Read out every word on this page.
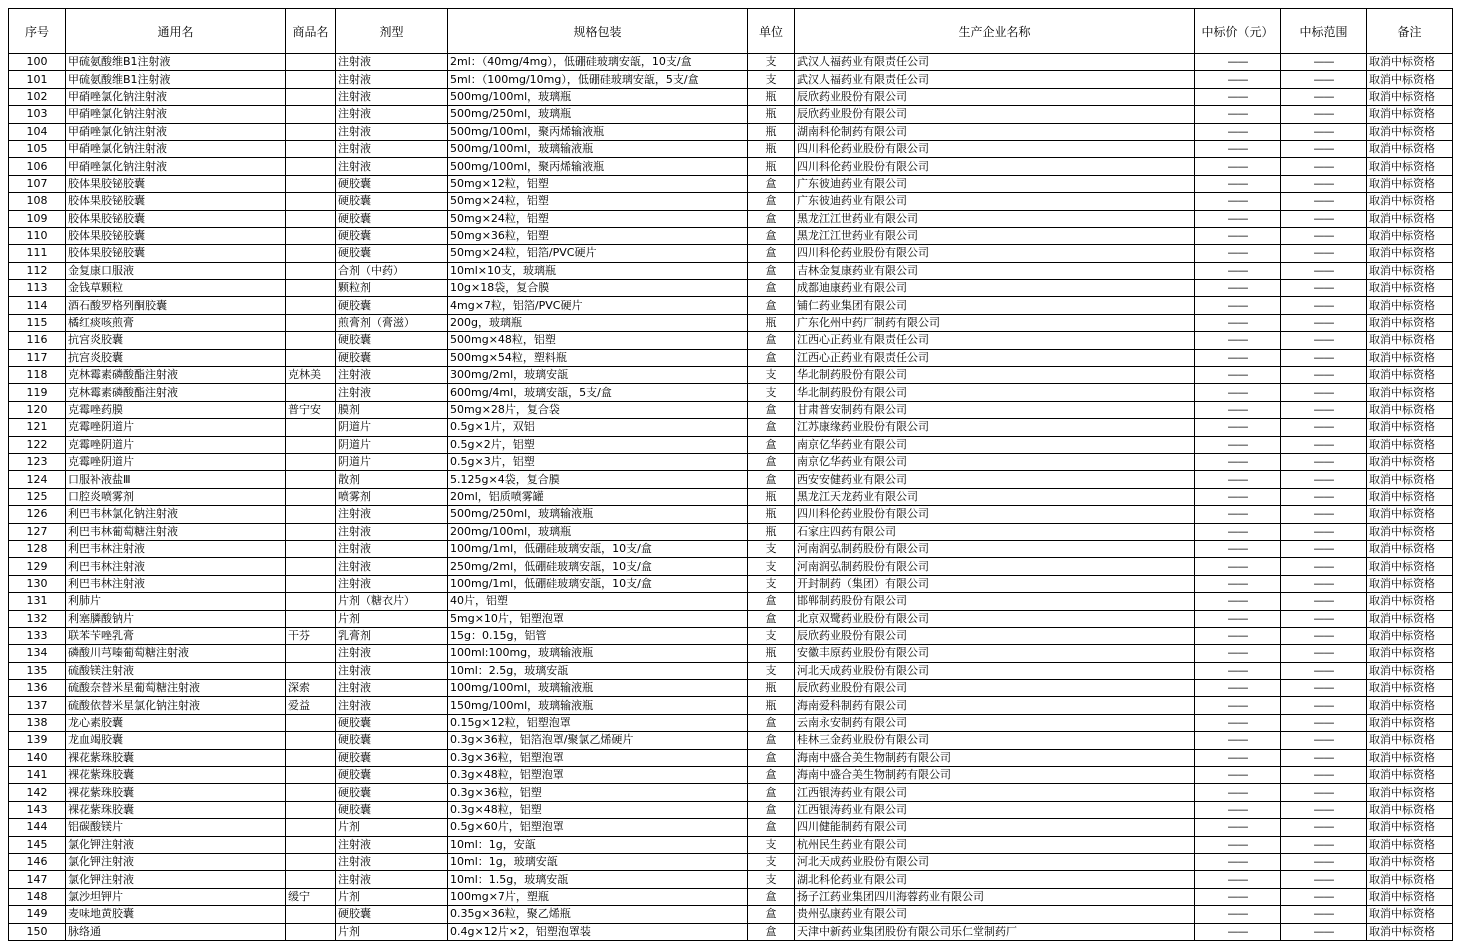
序号	通用名	商品名	剂型	规格包装	单位	生产企业名称	中标价（元）	中标范围	备注
100	甲硫氨酸维B1注射液		注射液	2ml：（40mg/4mg），低硼硅玻璃安瓿，10支/盒	支	武汉人福药业有限责任公司	——	——	取消中标资格
101	甲硫氨酸维B1注射液		注射液	5ml：（100mg/10mg），低硼硅玻璃安瓿，5支/盒	支	武汉人福药业有限责任公司	——	——	取消中标资格
102	甲硝唑氯化钠注射液		注射液	500mg/100ml，玻璃瓶	瓶	辰欣药业股份有限公司	——	——	取消中标资格
103	甲硝唑氯化钠注射液		注射液	500mg/250ml，玻璃瓶	瓶	辰欣药业股份有限公司	——	——	取消中标资格
104	甲硝唑氯化钠注射液		注射液	500mg/100ml，聚丙烯输液瓶	瓶	湖南科伦制药有限公司	——	——	取消中标资格
105	甲硝唑氯化钠注射液		注射液	500mg/100ml，玻璃输液瓶	瓶	四川科伦药业股份有限公司	——	——	取消中标资格
106	甲硝唑氯化钠注射液		注射液	500mg/100ml，聚丙烯输液瓶	瓶	四川科伦药业股份有限公司	——	——	取消中标资格
107	胶体果胶铋胶囊		硬胶囊	50mg×12粒，铝塑	盒	广东彼迪药业有限公司	——	——	取消中标资格
108	胶体果胶铋胶囊		硬胶囊	50mg×24粒，铝塑	盒	广东彼迪药业有限公司	——	——	取消中标资格
109	胶体果胶铋胶囊		硬胶囊	50mg×24粒，铝塑	盒	黑龙江江世药业有限公司	——	——	取消中标资格
110	胶体果胶铋胶囊		硬胶囊	50mg×36粒，铝塑	盒	黑龙江江世药业有限公司	——	——	取消中标资格
111	胶体果胶铋胶囊		硬胶囊	50mg×24粒，铝箔/PVC硬片	盒	四川科伦药业股份有限公司	——	——	取消中标资格
112	金复康口服液		合剂（中药）	10ml×10支，玻璃瓶	盒	吉林金复康药业有限公司	——	——	取消中标资格
113	金钱草颗粒		颗粒剂	10g×18袋，复合膜	盒	成都迪康药业有限公司	——	——	取消中标资格
114	酒石酸罗格列酮胶囊		硬胶囊	4mg×7粒，铝箔/PVC硬片	盒	铺仁药业集团有限公司	——	——	取消中标资格
115	橘红痰咳煎膏		煎膏剂（膏滋）	200g，玻璃瓶	瓶	广东化州中药厂制药有限公司	——	——	取消中标资格
116	抗宫炎胶囊		硬胶囊	500mg×48粒，铝塑	盒	江西心正药业有限责任公司	——	——	取消中标资格
117	抗宫炎胶囊		硬胶囊	500mg×54粒，塑料瓶	盒	江西心正药业有限责任公司	——	——	取消中标资格
118	克林霉素磷酸酯注射液	克林美	注射液	300mg/2ml，玻璃安瓿	支	华北制药股份有限公司	——	——	取消中标资格
119	克林霉素磷酸酯注射液		注射液	600mg/4ml，玻璃安瓿，5支/盒	支	华北制药股份有限公司	——	——	取消中标资格
120	克霉唑药膜	普宁安	膜剂	50mg×28片，复合袋	盒	甘肃普安制药有限公司	——	——	取消中标资格
121	克霉唑阴道片		阴道片	0.5g×1片，双铝	盒	江苏康缘药业股份有限公司	——	——	取消中标资格
122	克霉唑阴道片		阴道片	0.5g×2片，铝塑	盒	南京亿华药业有限公司	——	——	取消中标资格
123	克霉唑阴道片		阴道片	0.5g×3片，铝塑	盒	南京亿华药业有限公司	——	——	取消中标资格
124	口服补液盐Ⅲ		散剂	5.125g×4袋，复合膜	盒	西安安健药业有限公司	——	——	取消中标资格
125	口腔炎喷雾剂		喷雾剂	20ml，铝质喷雾罐	瓶	黑龙江天龙药业有限公司	——	——	取消中标资格
126	利巴韦林氯化钠注射液		注射液	500mg/250ml，玻璃输液瓶	瓶	四川科伦药业股份有限公司	——	——	取消中标资格
127	利巴韦林葡萄糖注射液		注射液	200mg/100ml，玻璃瓶	瓶	石家庄四药有限公司	——	——	取消中标资格
128	利巴韦林注射液		注射液	100mg/1ml，低硼硅玻璃安瓿，10支/盒	支	河南润弘制药股份有限公司	——	——	取消中标资格
129	利巴韦林注射液		注射液	250mg/2ml，低硼硅玻璃安瓿，10支/盒	支	河南润弘制药股份有限公司	——	——	取消中标资格
130	利巴韦林注射液		注射液	100mg/1ml，低硼硅玻璃安瓿，10支/盒	支	开封制药（集团）有限公司	——	——	取消中标资格
131	利肺片		片剂（糖衣片）	40片，铝塑	盒	邯郸制药股份有限公司	——	——	取消中标资格
132	利塞膦酸钠片		片剂	5mg×10片，铝塑泡罩	盒	北京双鹭药业股份有限公司	——	——	取消中标资格
133	联苯苄唑乳膏	干芬	乳膏剂	15g：0.15g，铝管	支	辰欣药业股份有限公司	——	——	取消中标资格
134	磷酸川芎嗪葡萄糖注射液		注射液	100ml:100mg，玻璃输液瓶	瓶	安徽丰原药业股份有限公司	——	——	取消中标资格
135	硫酸镁注射液		注射液	10ml：2.5g，玻璃安瓿	支	河北天成药业股份有限公司	——	——	取消中标资格
136	硫酸奈替米星葡萄糖注射液	深索	注射液	100mg/100ml，玻璃输液瓶	瓶	辰欣药业股份有限公司	——	——	取消中标资格
137	硫酸依替米星氯化钠注射液	爱益	注射液	150mg/100ml，玻璃输液瓶	瓶	海南爱科制药有限公司	——	——	取消中标资格
138	龙心素胶囊		硬胶囊	0.15g×12粒，铝塑泡罩	盒	云南永安制药有限公司	——	——	取消中标资格
139	龙血竭胶囊		硬胶囊	0.3g×36粒，铝箔泡罩/聚氯乙烯硬片	盒	桂林三金药业股份有限公司	——	——	取消中标资格
140	裸花紫珠胶囊		硬胶囊	0.3g×36粒，铝塑泡罩	盒	海南中盛合美生物制药有限公司	——	——	取消中标资格
141	裸花紫珠胶囊		硬胶囊	0.3g×48粒，铝塑泡罩	盒	海南中盛合美生物制药有限公司	——	——	取消中标资格
142	裸花紫珠胶囊		硬胶囊	0.3g×36粒，铝塑	盒	江西银涛药业有限公司	——	——	取消中标资格
143	裸花紫珠胶囊		硬胶囊	0.3g×48粒，铝塑	盒	江西银涛药业有限公司	——	——	取消中标资格
144	铝碳酸镁片		片剂	0.5g×60片，铝塑泡罩	盒	四川健能制药有限公司	——	——	取消中标资格
145	氯化钾注射液		注射液	10ml：1g，安瓿	支	杭州民生药业有限公司	——	——	取消中标资格
146	氯化钾注射液		注射液	10ml：1g，玻璃安瓿	支	河北天成药业股份有限公司	——	——	取消中标资格
147	氯化钾注射液		注射液	10ml：1.5g，玻璃安瓿	支	湖北科伦药业有限公司	——	——	取消中标资格
148	氯沙坦钾片	缓宁	片剂	100mg×7片，塑瓶	盒	扬子江药业集团四川海蓉药业有限公司	——	——	取消中标资格
149	麦味地黄胶囊		硬胶囊	0.35g×36粒，聚乙烯瓶	盒	贵州弘康药业有限公司	——	——	取消中标资格
150	脉络通		片剂	0.4g×12片×2，铝塑泡罩装	盒	天津中新药业集团股份有限公司乐仁堂制药厂	——	——	取消中标资格
